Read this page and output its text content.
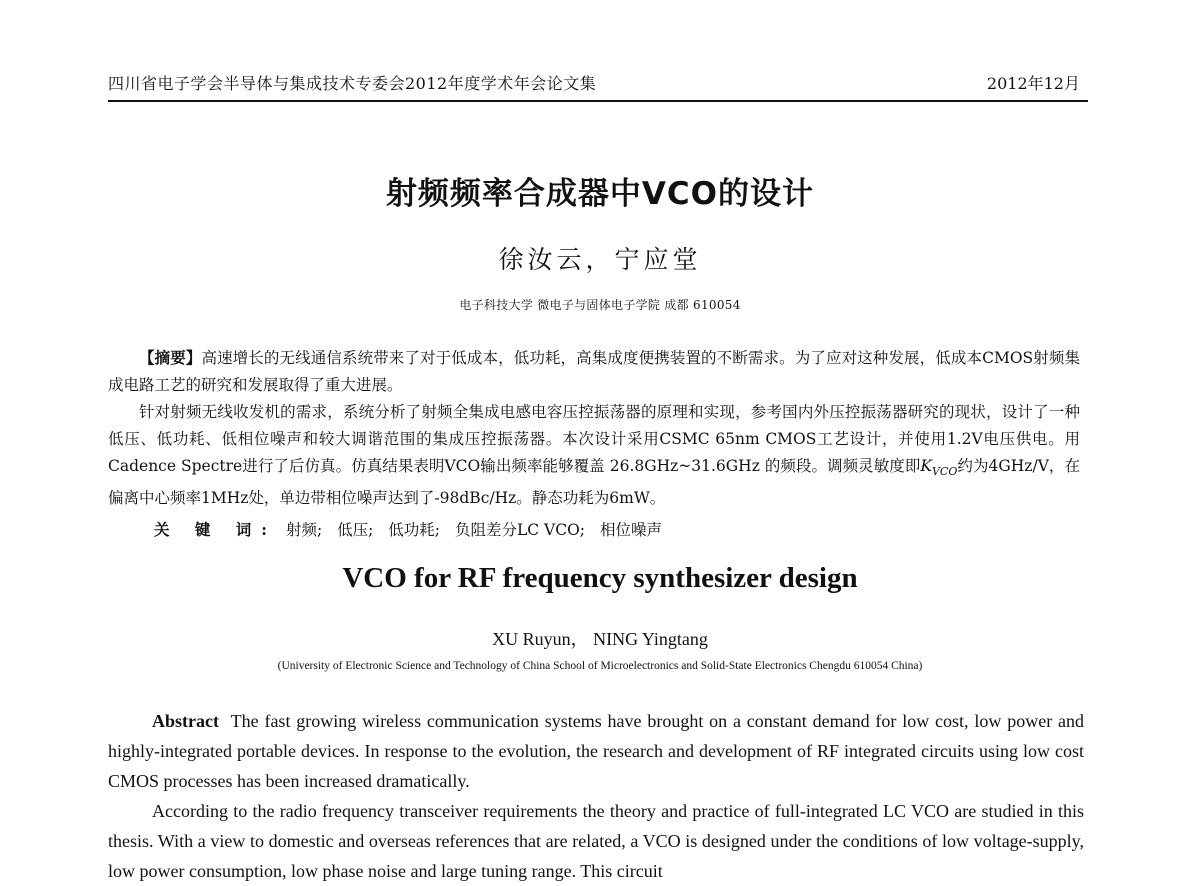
四川省电子学会半导体与集成技术专委会2012年度学术年会论文集	2012年12月
射频频率合成器中VCO的设计
徐汝云，宁应堂
电子科技大学 微电子与固体电子学院 成都 610054

【摘要】高速增长的无线通信系统带来了对于低成本，低功耗，高集成度便携装置的不断需求。为了应对这种发展，低成本CMOS射频集成电路工艺的研究和发展取得了重大进展。

针对射频无线收发机的需求，系统分析了射频全集成电感电容压控振荡器的原理和实现，参考国内外压控振荡器研究的现状，设计了一种低压、低功耗、低相位噪声和较大调谐范围的集成压控振荡器。本次设计采用CSMC 65nm CMOS工艺设计，并使用1.2V电压供电。用Cadence Spectre进行了后仿真。仿真结果表明VCO输出频率能够覆盖 26.8GHz~31.6GHz 的频段。调频灵敏度即$K_{VCO}$约为4GHz/V，在偏离中心频率1MHz处，单边带相位噪声达到了-98dBc/Hz。静态功耗为6mW。

关 键 词: 射频; 低压; 低功耗; 负阻差分LC VCO; 相位噪声
VCO for RF frequency synthesizer design
XU Ruyun， NING Yingtang
(University of Electronic Science and Technology of China School of Microelectronics and Solid-State Electronics Chengdu 610054 China)

Abstract The fast growing wireless communication systems have brought on a constant demand for low cost, low power and highly-integrated portable devices. In response to the evolution, the research and development of RF integrated circuits using low cost CMOS processes has been increased dramatically.

According to the radio frequency transceiver requirements the theory and practice of full-integrated LC VCO are studied in this thesis. With a view to domestic and overseas references that are related, a VCO is designed under the conditions of low voltage-supply, low power consumption, low phase noise and large tuning range. This circuit
